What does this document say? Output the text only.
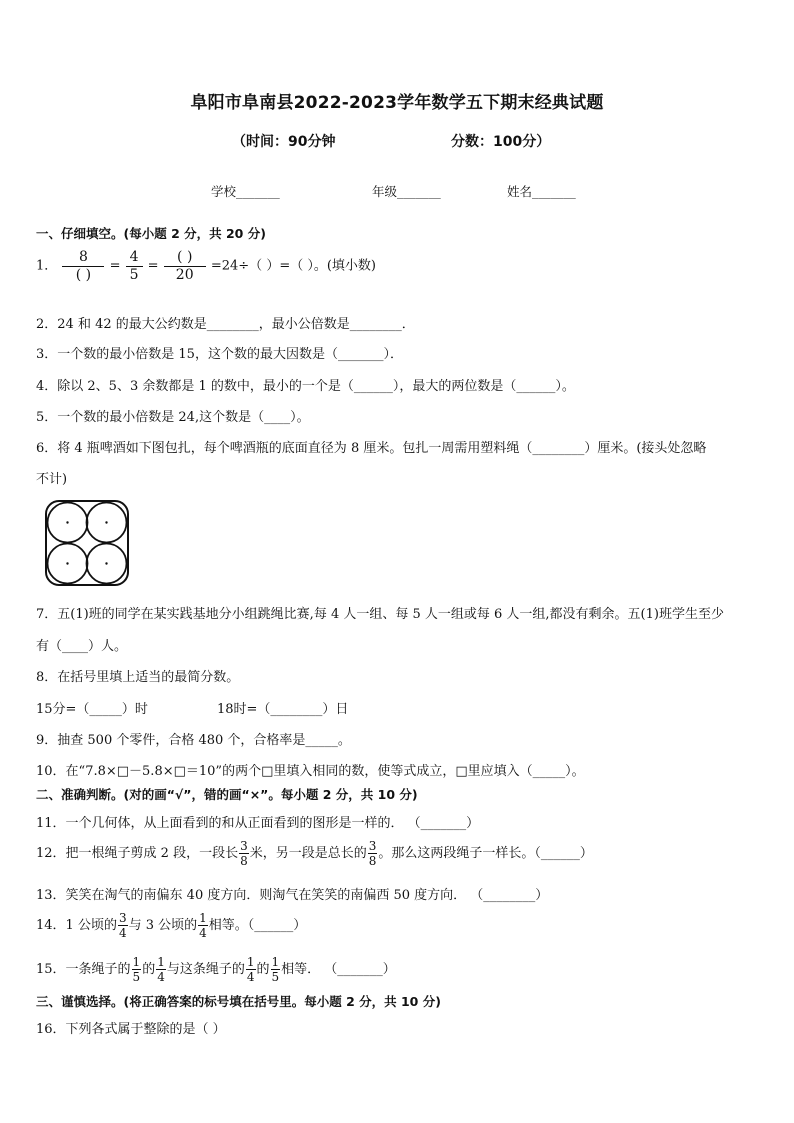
阜阳市阜南县2022-2023学年数学五下期末经典试题
（时间：90分钟	分数：100分）
学校_______	年级_______	姓名_______
一、仔细填空。(每小题 2 分，共 20 分)
1． $\frac{8}{( )} = \frac{4}{5} = \frac{( )}{20} =24\div$（ ）=（ ）。(填小数)
2．24 和 42 的最大公约数是________，最小公倍数是________．
3．一个数的最小倍数是 15，这个数的最大因数是（_______）．
4．除以 2、5、3 余数都是 1 的数中，最小的一个是（______），最大的两位数是（______）。
5．一个数的最小倍数是 24,这个数是（____）。
6．将 4 瓶啤酒如下图包扎，每个啤酒瓶的底面直径为 8 厘米。包扎一周需用塑料绳（________）厘米。(接头处忽略
不计)
7．五(1)班的同学在某实践基地分小组跳绳比赛,每 4 人一组、每 5 人一组或每 6 人一组,都没有剩余。五(1)班学生至少
有（____）人。
8．在括号里填上适当的最简分数。
15分=（_____）时	18时=（________）日
9．抽查 500 个零件，合格 480 个，合格率是_____。
10．在“7.8×□－5.8×□＝10”的两个□里填入相同的数，使等式成立，□里应填入（_____）。
二、准确判断。(对的画“√”，错的画“×”。每小题 2 分，共 10 分)
11．一个几何体，从上面看到的和从正面看到的图形是一样的． （_______）
12．把一根绳子剪成 2 段，一段长 $\frac{3}{8}$ 米，另一段是总长的 $\frac{3}{8}$ 。那么这两段绳子一样长。（______）
13．笑笑在淘气的南偏东 40 度方向．则淘气在笑笑的南偏西 50 度方向． （________）
14．1 公顷的 $\frac{3}{4}$ 与 3 公顷的 $\frac{1}{4}$ 相等。（______）
15．一条绳子的 $\frac{1}{5}$ 的 $\frac{1}{4}$ 与这条绳子的 $\frac{1}{4}$ 的 $\frac{1}{5}$ 相等． （_______）
三、谨慎选择。(将正确答案的标号填在括号里。每小题 2 分，共 10 分)
16．下列各式属于整除的是（ ）
